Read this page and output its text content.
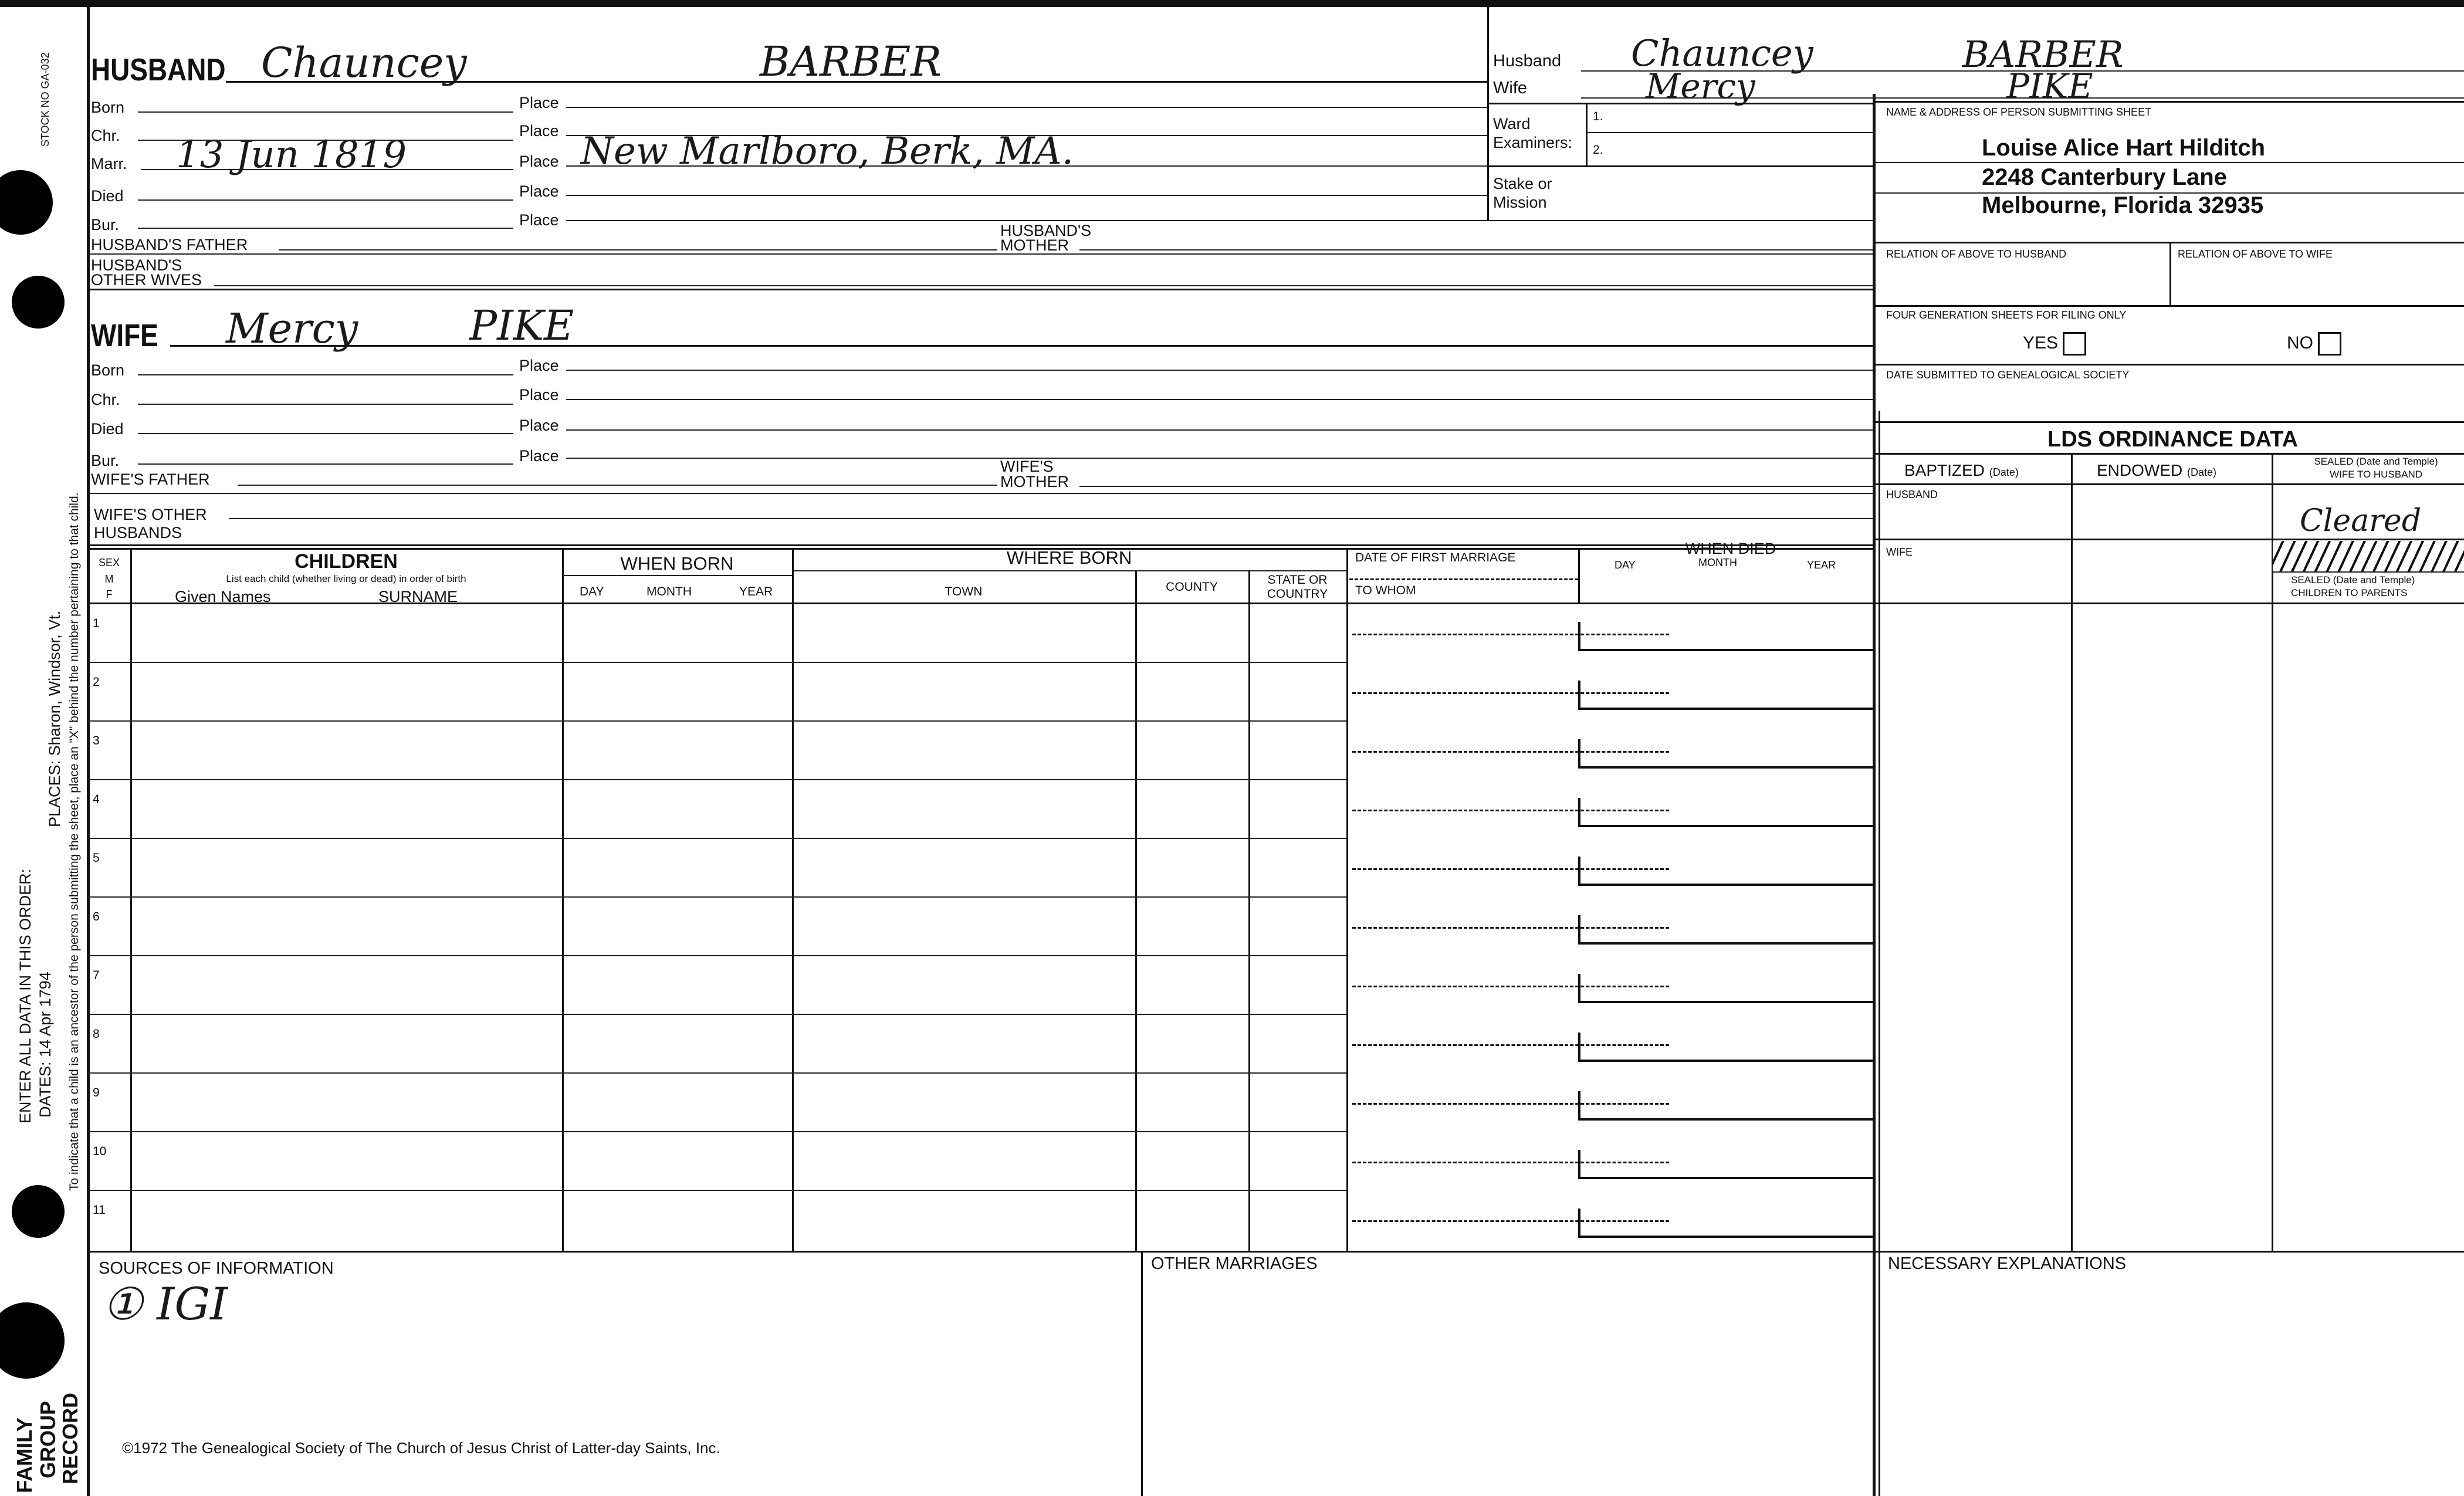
STOCK NO GA-032
PLACES: Sharon, Windsor, Vt. To indicate that a child is an ancestor of the person submitting the sheet, place an "X" behind the number pertaining to that child.
ENTER ALL DATA IN THIS ORDER: DATES: 14 Apr 1794
FAMILY GROUP
RECORD
HUSBAND Chauncey	BARBER
Born	Place
Chr.	Place
Marr. 13 Jun 1819	Place New Marlboro, Berk, MA.
Died	Place
Bur.	Place
HUSBAND'S FATHER
HUSBAND'S
MOTHER
HUSBAND'S
OTHER WIVES
WIFE Mercy	PIKE
Born	Place
Chr.	Place
Died	Place
Bur.	Place
WIFE'S FATHER
WIFE'S
MOTHER
WIFE'S OTHER
HUSBANDS
Husband Chauncey	BARBER
Wife	Mercy	PIKE
Ward
Examiners:
1.
2.
Stake or
Mission
NAME & ADDRESS OF PERSON SUBMITTING SHEET
Louise Alice Hart Hilditch
2248 Canterbury Lane
Melbourne, Florida 32935
RELATION OF ABOVE TO HUSBAND	RELATION OF ABOVE TO WIFE
FOUR GENERATION SHEETS FOR FILING ONLY
YES	NO
DATE SUBMITTED TO GENEALOGICAL SOCIETY
LDS ORDINANCE DATA
BAPTIZED (Date)	ENDOWED (Date)
SEALED (Date and Temple)
WIFE TO HUSBAND
HUSBAND
Cleared
WIFE
SEALED (Date and Temple)
CHILDREN TO PARENTS
SEX
M
F
CHILDREN
List each child (whether living or dead) in order of birth
Given Names	SURNAME
WHEN BORN
DAY	MONTH	YEAR
WHERE BORN
TOWN	COUNTY
STATE OR
COUNTRY
DATE OF FIRST MARRIAGE
TO WHOM
WHEN DIED
DAY	MONTH	YEAR
1
2
3
4
5
6
7
8
9
10
11
SOURCES OF INFORMATION
① IGI
OTHER MARRIAGES	NECESSARY EXPLANATIONS
©1972 The Genealogical Society of The Church of Jesus Christ of Latter-day Saints, Inc.
